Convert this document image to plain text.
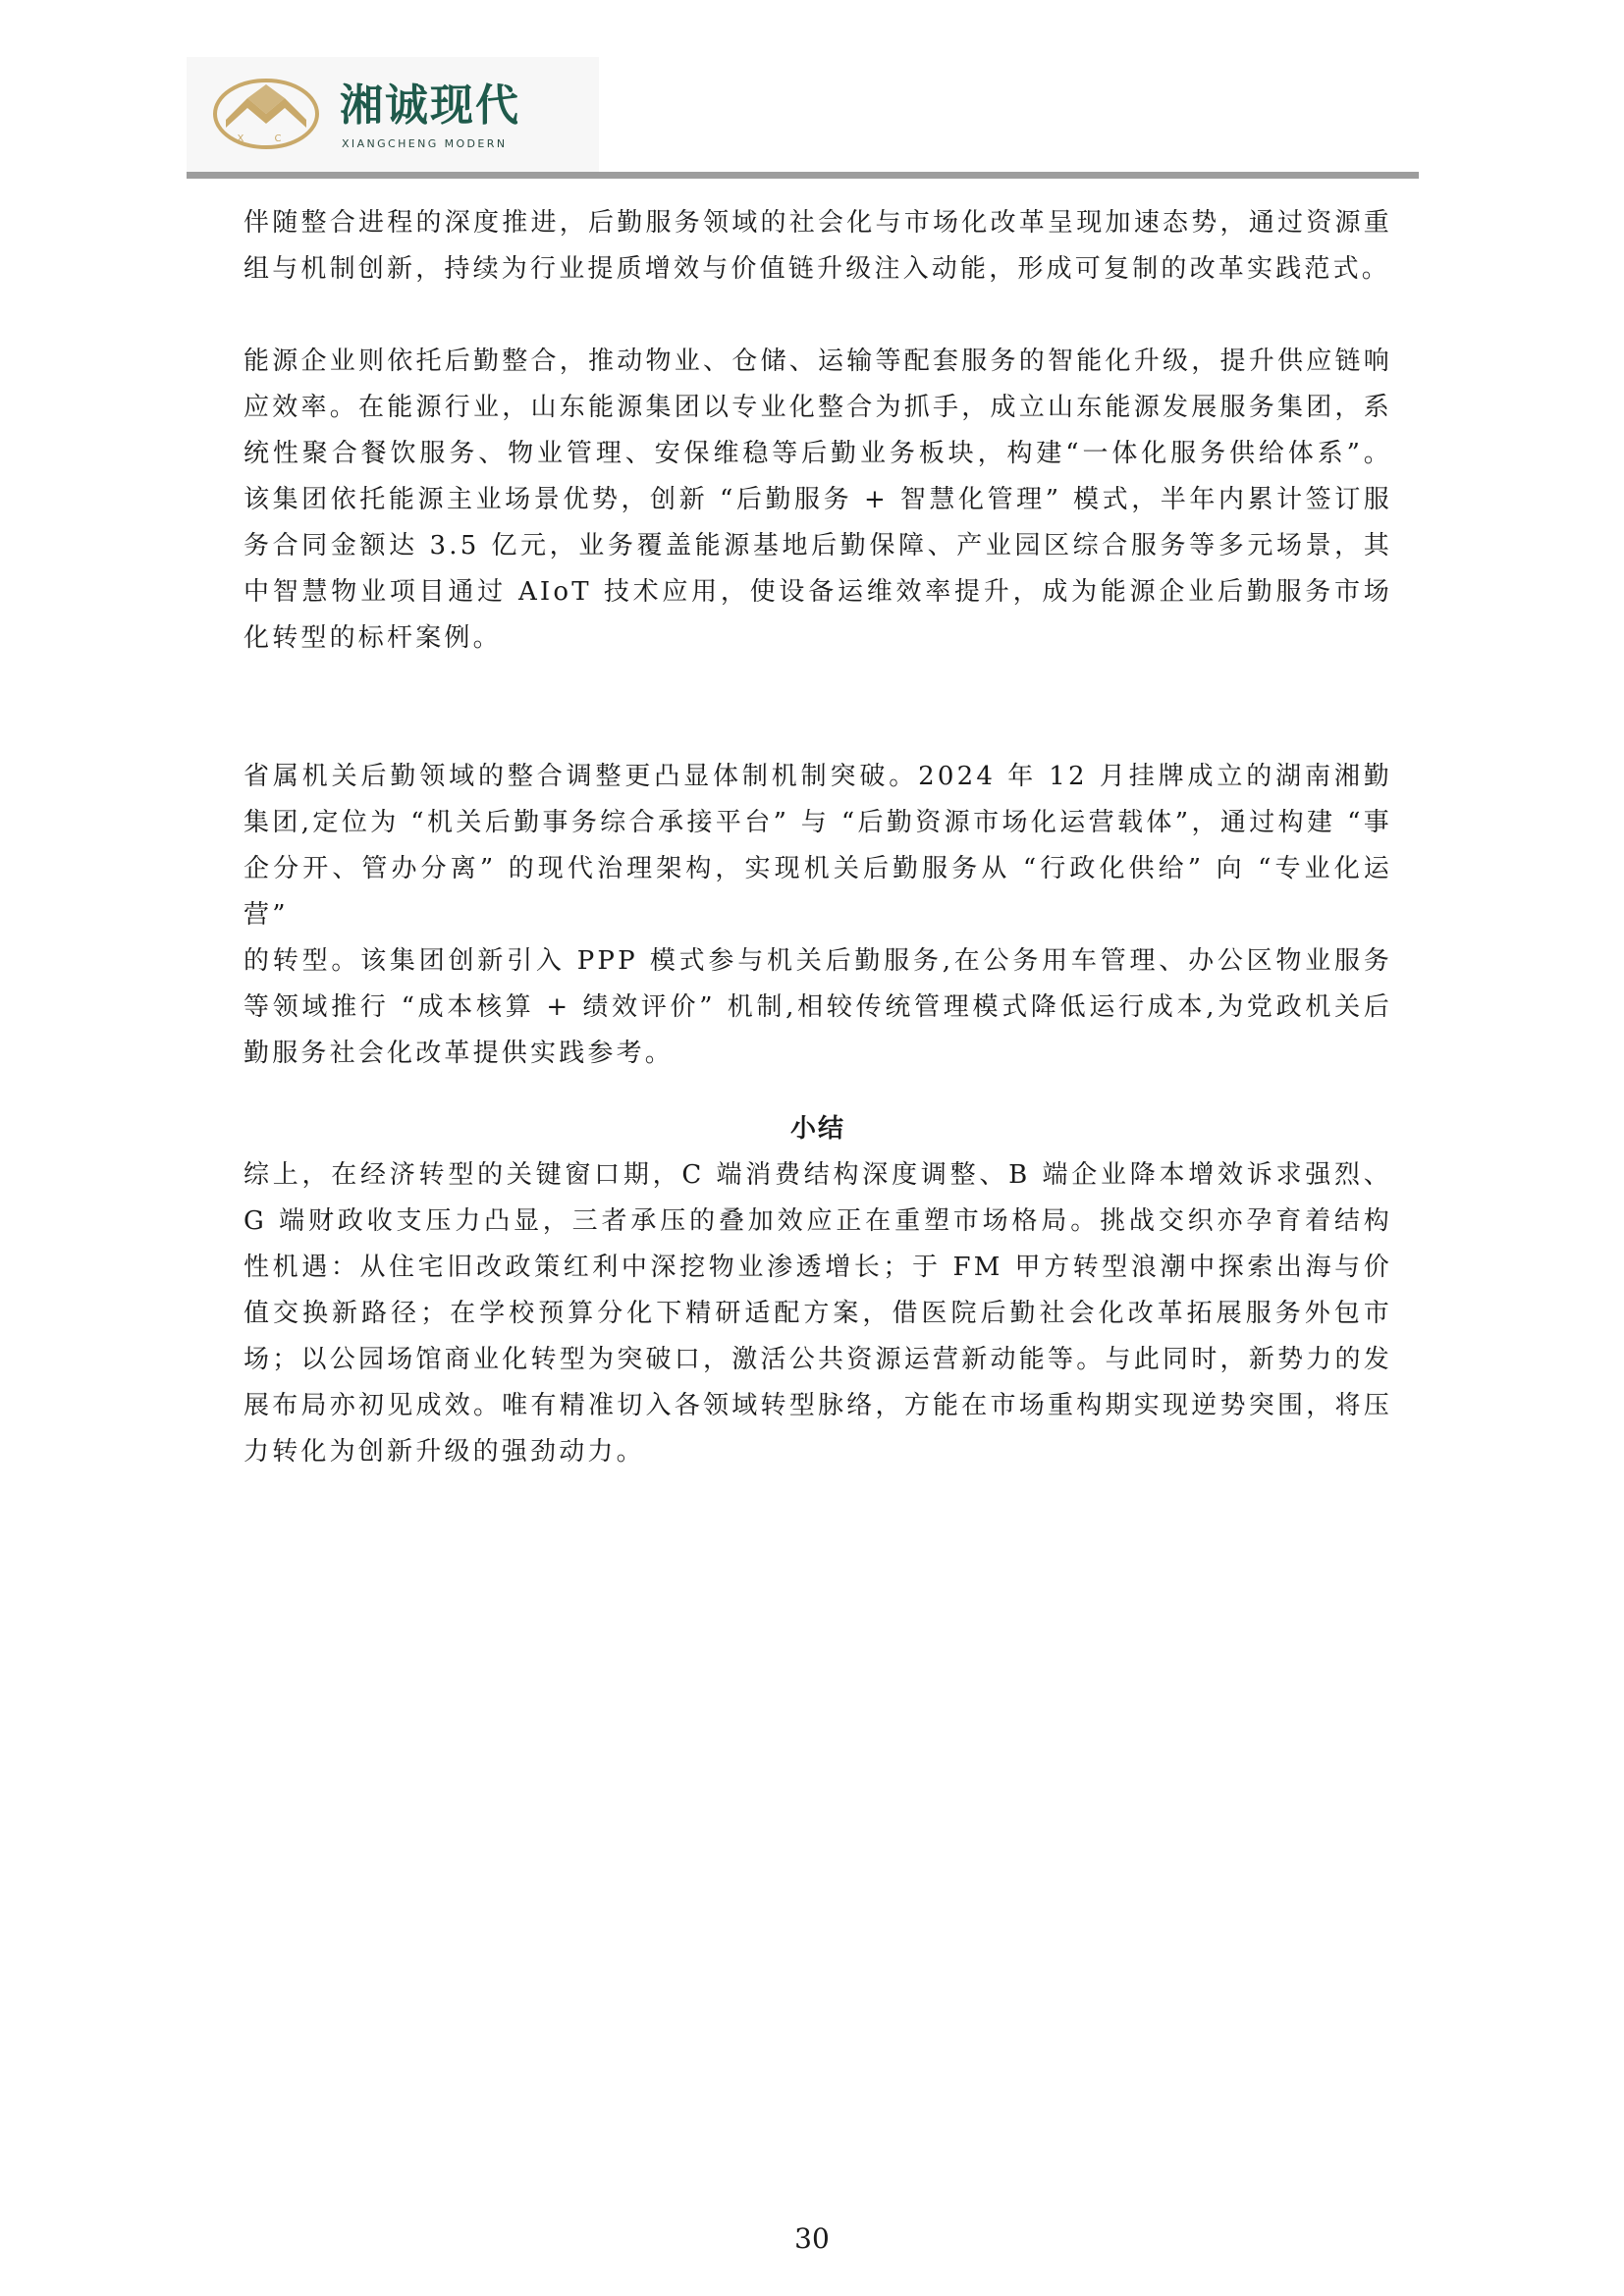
X C
湘诚现代
XIANGCHENG MODERN

伴随整合进程的深度推进，后勤服务领域的社会化与市场化改革呈现加速态势，通过资源重组与机制创新，持续为行业提质增效与价值链升级注入动能，形成可复制的改革实践范式。

能源企业则依托后勤整合，推动物业、仓储、运输等配套服务的智能化升级，提升供应链响应效率。在能源行业，山东能源集团以专业化整合为抓手，成立山东能源发展服务集团，系统性聚合餐饮服务、物业管理、安保维稳等后勤业务板块，构建“一体化服务供给体系”。该集团依托能源主业场景优势，创新 “后勤服务 + 智慧化管理” 模式，半年内累计签订服务合同金额达 3.5 亿元，业务覆盖能源基地后勤保障、产业园区综合服务等多元场景，其中智慧物业项目通过 AIoT 技术应用，使设备运维效率提升，成为能源企业后勤服务市场化转型的标杆案例。

省属机关后勤领域的整合调整更凸显体制机制突破。2024 年 12 月挂牌成立的湖南湘勤集团,定位为 “机关后勤事务综合承接平台” 与 “后勤资源市场化运营载体”，通过构建 “事企分开、管办分离” 的现代治理架构，实现机关后勤服务从 “行政化供给” 向 “专业化运营”

的转型。该集团创新引入 PPP 模式参与机关后勤服务,在公务用车管理、办公区物业服务等领域推行 “成本核算 + 绩效评价” 机制,相较传统管理模式降低运行成本,为党政机关后勤服务社会化改革提供实践参考。

小结

综上，在经济转型的关键窗口期，C 端消费结构深度调整、B 端企业降本增效诉求强烈、G 端财政收支压力凸显，三者承压的叠加效应正在重塑市场格局。挑战交织亦孕育着结构性机遇：从住宅旧改政策红利中深挖物业渗透增长；于 FM 甲方转型浪潮中探索出海与价值交换新路径；在学校预算分化下精研适配方案，借医院后勤社会化改革拓展服务外包市场；以公园场馆商业化转型为突破口，激活公共资源运营新动能等。与此同时，新势力的发展布局亦初见成效。唯有精准切入各领域转型脉络，方能在市场重构期实现逆势突围，将压力转化为创新升级的强劲动力。

30
